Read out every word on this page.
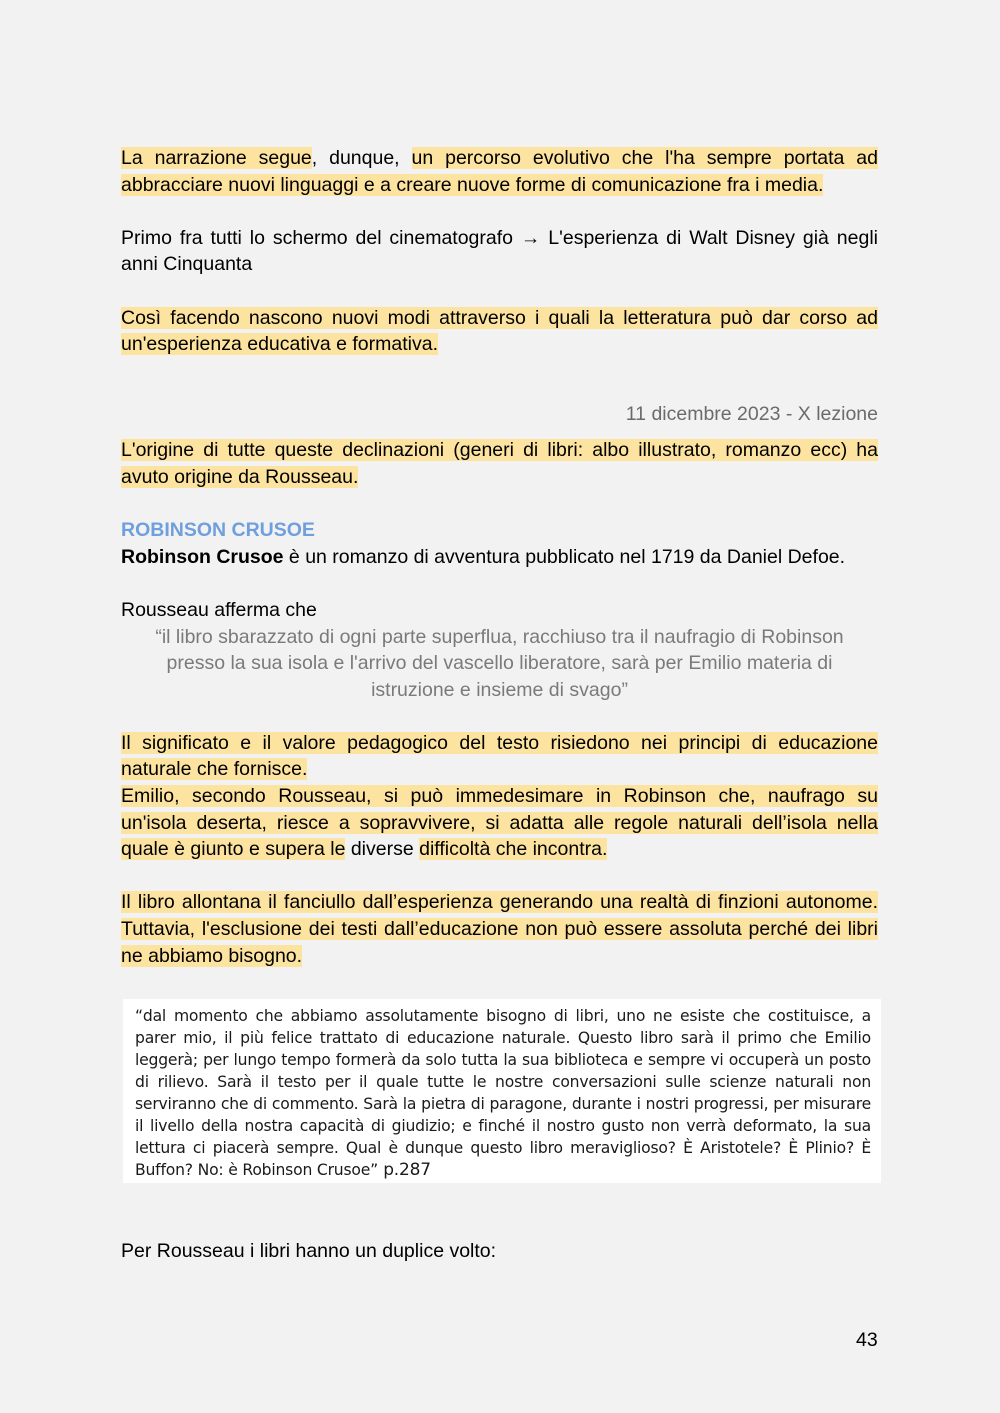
La narrazione segue, dunque, un percorso evolutivo che l'ha sempre portata ad abbracciare nuovi linguaggi e a creare nuove forme di comunicazione fra i media.

Primo fra tutti lo schermo del cinematografo → L'esperienza di Walt Disney già negli anni Cinquanta

Così facendo nascono nuovi modi attraverso i quali la letteratura può dar corso ad un'esperienza educativa e formativa.

11 dicembre 2023 - X lezione

L'origine di tutte queste declinazioni (generi di libri: albo illustrato, romanzo ecc) ha avuto origine da Rousseau.

ROBINSON CRUSOE

Robinson Crusoe è un romanzo di avventura pubblicato nel 1719 da Daniel Defoe.

Rousseau afferma che

“il libro sbarazzato di ogni parte superflua, racchiuso tra il naufragio di Robinson presso la sua isola e l'arrivo del vascello liberatore, sarà per Emilio materia di istruzione e insieme di svago”

Il significato e il valore pedagogico del testo risiedono nei principi di educazione naturale che fornisce.

Emilio, secondo Rousseau, si può immedesimare in Robinson che, naufrago su un'isola deserta, riesce a sopravvivere, si adatta alle regole naturali dell’isola nella quale è giunto e supera le diverse difficoltà che incontra.

Il libro allontana il fanciullo dall’esperienza generando una realtà di finzioni autonome. Tuttavia, l'esclusione dei testi dall’educazione non può essere assoluta perché dei libri ne abbiamo bisogno.

“dal momento che abbiamo assolutamente bisogno di libri, uno ne esiste che costituisce, a parer mio, il più felice trattato di educazione naturale. Questo libro sarà il primo che Emilio leggerà; per lungo tempo formerà da solo tutta la sua biblioteca e sempre vi occuperà un posto di rilievo. Sarà il testo per il quale tutte le nostre conversazioni sulle scienze naturali non serviranno che di commento. Sarà la pietra di paragone, durante i nostri progressi, per misurare il livello della nostra capacità di giudizio; e finché il nostro gusto non verrà deformato, la sua lettura ci piacerà sempre. Qual è dunque questo libro meraviglioso? È Aristotele? È Plinio? È Buffon? No: è Robinson Crusoe” p.287

Per Rousseau i libri hanno un duplice volto:

43
